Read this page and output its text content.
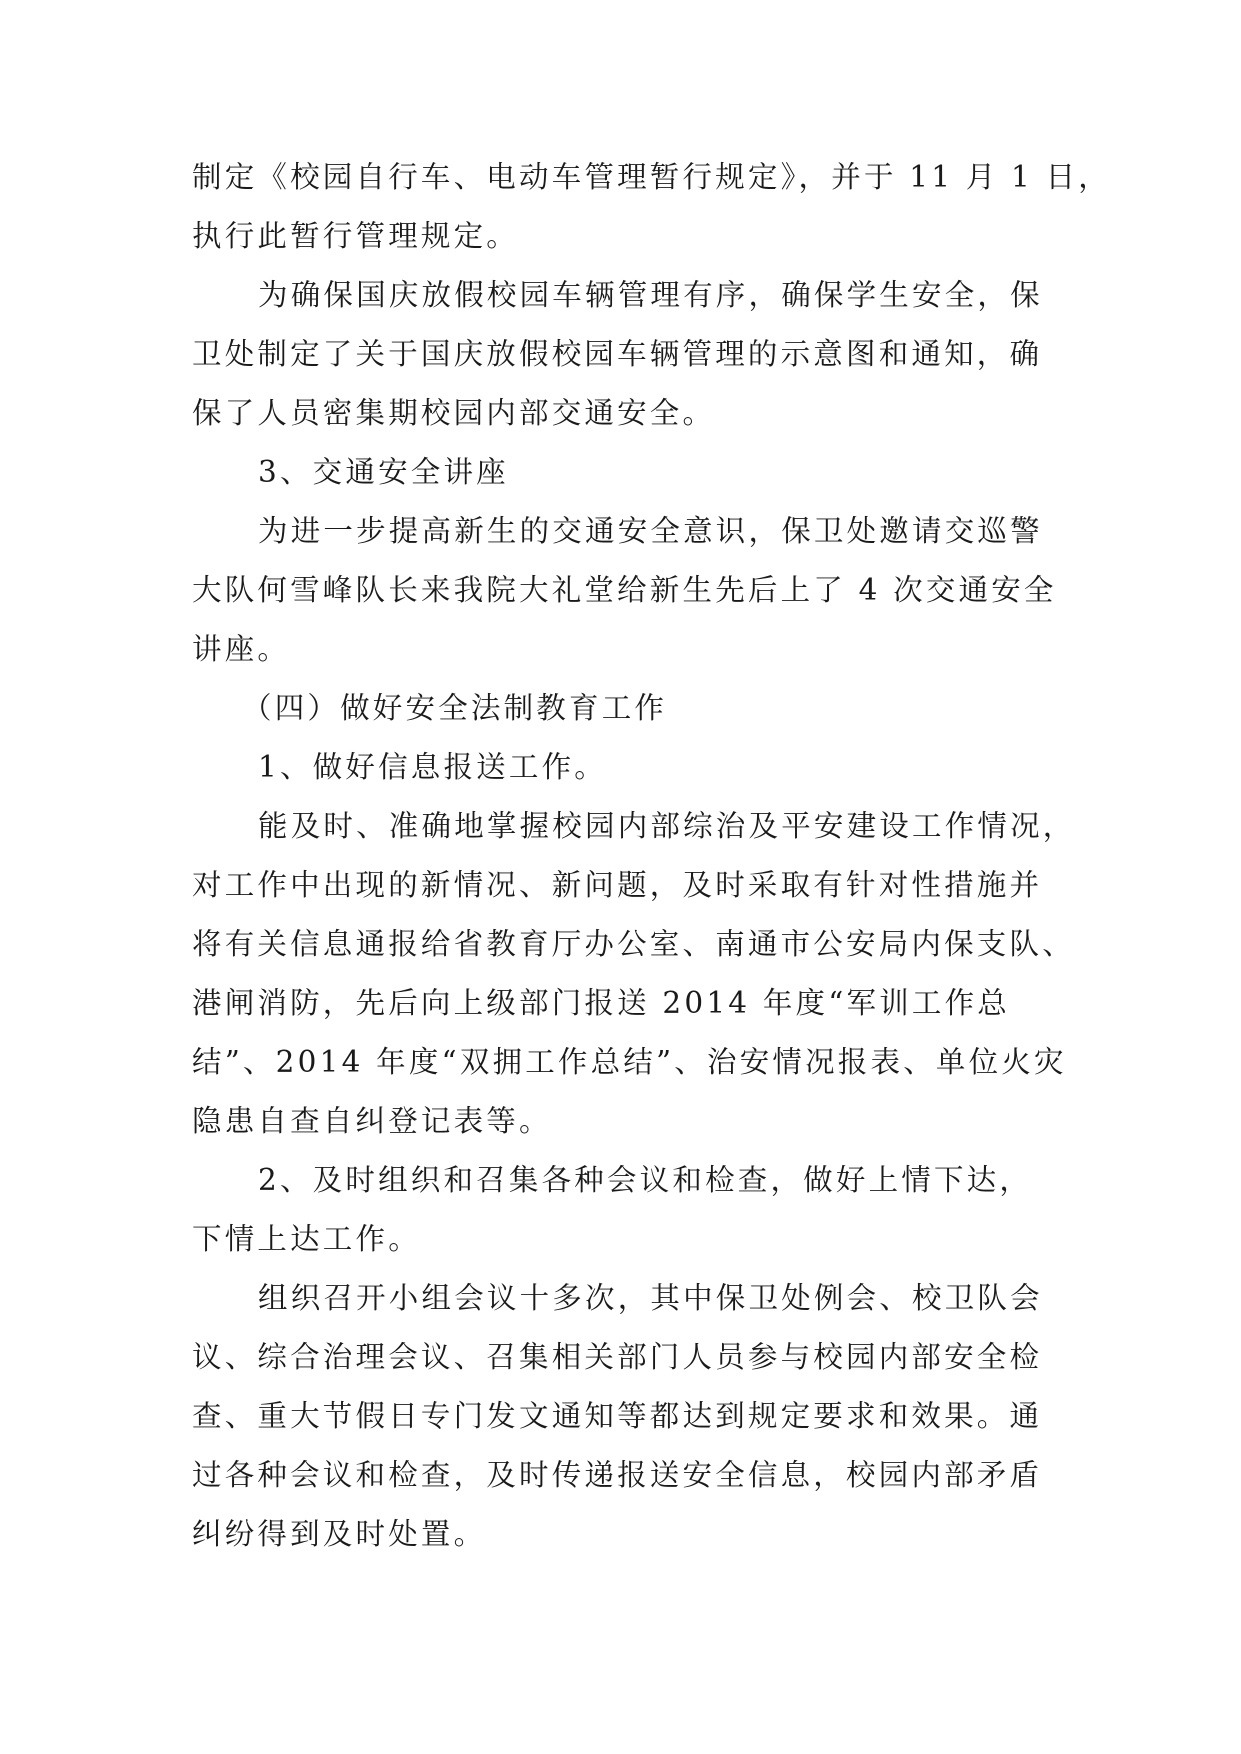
制定《校园自行车、电动车管理暂行规定》，并于 11 月 1 日，
执行此暂行管理规定。
为确保国庆放假校园车辆管理有序，确保学生安全，保
卫处制定了关于国庆放假校园车辆管理的示意图和通知，确
保了人员密集期校园内部交通安全。
3、交通安全讲座
为进一步提高新生的交通安全意识，保卫处邀请交巡警
大队何雪峰队长来我院大礼堂给新生先后上了 4 次交通安全
讲座。
（四）做好安全法制教育工作
1、做好信息报送工作。
能及时、准确地掌握校园内部综治及平安建设工作情况，
对工作中出现的新情况、新问题，及时采取有针对性措施并
将有关信息通报给省教育厅办公室、南通市公安局内保支队、
港闸消防，先后向上级部门报送 2014 年度“军训工作总
结”、2014 年度“双拥工作总结”、治安情况报表、单位火灾
隐患自查自纠登记表等。
2、及时组织和召集各种会议和检查，做好上情下达，
下情上达工作。
组织召开小组会议十多次，其中保卫处例会、校卫队会
议、综合治理会议、召集相关部门人员参与校园内部安全检
查、重大节假日专门发文通知等都达到规定要求和效果。通
过各种会议和检查，及时传递报送安全信息，校园内部矛盾
纠纷得到及时处置。
